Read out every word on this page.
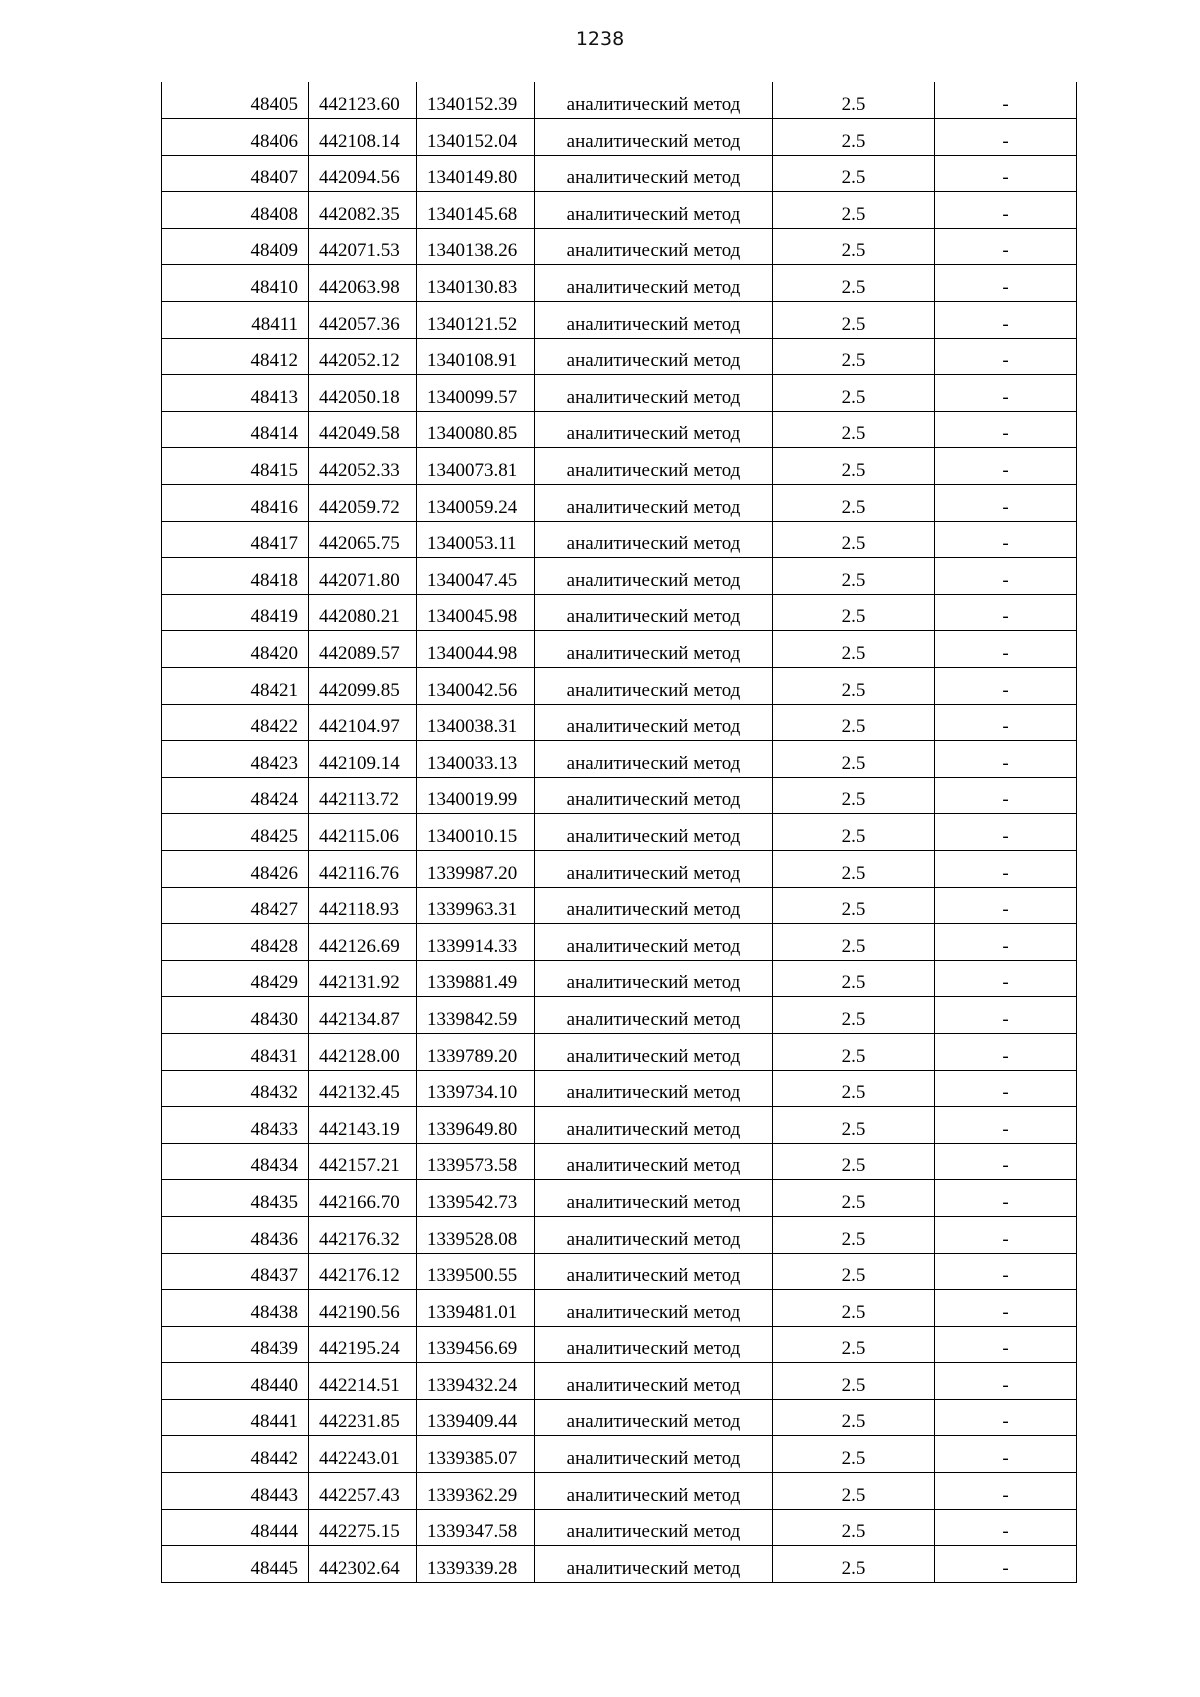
1238
48405	442123.60	1340152.39	аналитический метод	2.5	-
48406	442108.14	1340152.04	аналитический метод	2.5	-
48407	442094.56	1340149.80	аналитический метод	2.5	-
48408	442082.35	1340145.68	аналитический метод	2.5	-
48409	442071.53	1340138.26	аналитический метод	2.5	-
48410	442063.98	1340130.83	аналитический метод	2.5	-
48411	442057.36	1340121.52	аналитический метод	2.5	-
48412	442052.12	1340108.91	аналитический метод	2.5	-
48413	442050.18	1340099.57	аналитический метод	2.5	-
48414	442049.58	1340080.85	аналитический метод	2.5	-
48415	442052.33	1340073.81	аналитический метод	2.5	-
48416	442059.72	1340059.24	аналитический метод	2.5	-
48417	442065.75	1340053.11	аналитический метод	2.5	-
48418	442071.80	1340047.45	аналитический метод	2.5	-
48419	442080.21	1340045.98	аналитический метод	2.5	-
48420	442089.57	1340044.98	аналитический метод	2.5	-
48421	442099.85	1340042.56	аналитический метод	2.5	-
48422	442104.97	1340038.31	аналитический метод	2.5	-
48423	442109.14	1340033.13	аналитический метод	2.5	-
48424	442113.72	1340019.99	аналитический метод	2.5	-
48425	442115.06	1340010.15	аналитический метод	2.5	-
48426	442116.76	1339987.20	аналитический метод	2.5	-
48427	442118.93	1339963.31	аналитический метод	2.5	-
48428	442126.69	1339914.33	аналитический метод	2.5	-
48429	442131.92	1339881.49	аналитический метод	2.5	-
48430	442134.87	1339842.59	аналитический метод	2.5	-
48431	442128.00	1339789.20	аналитический метод	2.5	-
48432	442132.45	1339734.10	аналитический метод	2.5	-
48433	442143.19	1339649.80	аналитический метод	2.5	-
48434	442157.21	1339573.58	аналитический метод	2.5	-
48435	442166.70	1339542.73	аналитический метод	2.5	-
48436	442176.32	1339528.08	аналитический метод	2.5	-
48437	442176.12	1339500.55	аналитический метод	2.5	-
48438	442190.56	1339481.01	аналитический метод	2.5	-
48439	442195.24	1339456.69	аналитический метод	2.5	-
48440	442214.51	1339432.24	аналитический метод	2.5	-
48441	442231.85	1339409.44	аналитический метод	2.5	-
48442	442243.01	1339385.07	аналитический метод	2.5	-
48443	442257.43	1339362.29	аналитический метод	2.5	-
48444	442275.15	1339347.58	аналитический метод	2.5	-
48445	442302.64	1339339.28	аналитический метод	2.5	-
